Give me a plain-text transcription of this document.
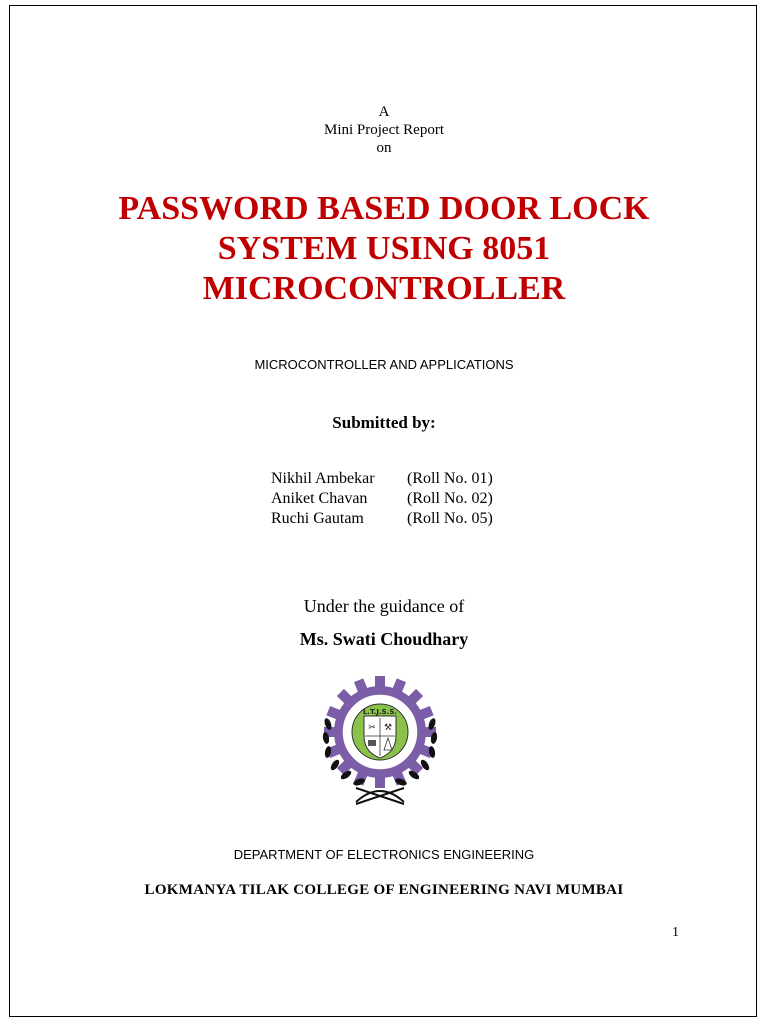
A
Mini Project Report
on
PASSWORD BASED DOOR LOCK
SYSTEM USING 8051
MICROCONTROLLER
MICROCONTROLLER AND APPLICATIONS
Submitted by:
Nikhil Ambekar	(Roll No. 01)
Aniket Chavan	(Roll No. 02)
Ruchi Gautam	(Roll No. 05)
Under the guidance of
Ms. Swati Choudhary
L.T.J.S.S.
✂ ⚒
DEPARTMENT OF ELECTRONICS ENGINEERING
LOKMANYA TILAK COLLEGE OF ENGINEERING NAVI MUMBAI
1
